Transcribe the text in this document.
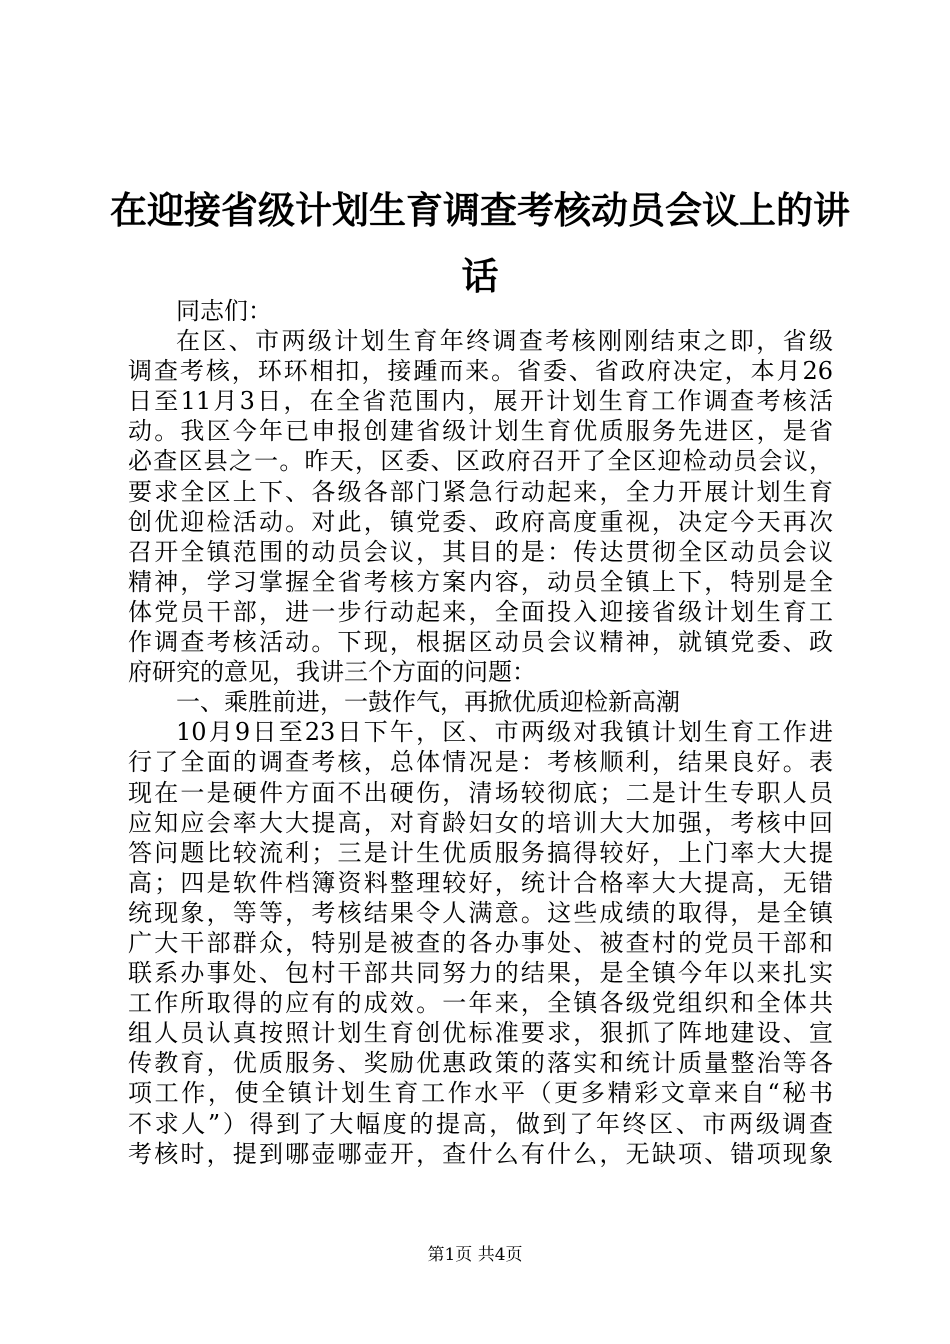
在迎接省级计划生育调查考核动员会议上的讲
话
同志们：
在区、市两级计划生育年终调查考核刚刚结束之即，省级
调查考核，环环相扣，接踵而来。省委、省政府决定，本月26
日至11月3日，在全省范围内，展开计划生育工作调查考核活
动。我区今年已申报创建省级计划生育优质服务先进区，是省
必查区县之一。昨天，区委、区政府召开了全区迎检动员会议，
要求全区上下、各级各部门紧急行动起来，全力开展计划生育
创优迎检活动。对此，镇党委、政府高度重视，决定今天再次
召开全镇范围的动员会议，其目的是：传达贯彻全区动员会议
精神，学习掌握全省考核方案内容，动员全镇上下，特别是全
体党员干部，进一步行动起来，全面投入迎接省级计划生育工
作调查考核活动。下现，根据区动员会议精神，就镇党委、政
府研究的意见，我讲三个方面的问题：
一、乘胜前进，一鼓作气，再掀优质迎检新高潮
10月9日至23日下午，区、市两级对我镇计划生育工作进
行了全面的调查考核，总体情况是：考核顺利，结果良好。表
现在一是硬件方面不出硬伤，清场较彻底；二是计生专职人员
应知应会率大大提高，对育龄妇女的培训大大加强，考核中回
答问题比较流利；三是计生优质服务搞得较好，上门率大大提
高；四是软件档簿资料整理较好，统计合格率大大提高，无错
统现象，等等，考核结果令人满意。这些成绩的取得，是全镇
广大干部群众，特别是被查的各办事处、被查村的党员干部和
联系办事处、包村干部共同努力的结果，是全镇今年以来扎实
工作所取得的应有的成效。一年来，全镇各级党组织和全体共
组人员认真按照计划生育创优标准要求，狠抓了阵地建设、宣
传教育，优质服务、奖励优惠政策的落实和统计质量整治等各
项工作，使全镇计划生育工作水平（更多精彩文章来自“秘书
不求人”）得到了大幅度的提高，做到了年终区、市两级调查
考核时，提到哪壶哪壶开，查什么有什么，无缺项、错项现象
第1页 共4页
